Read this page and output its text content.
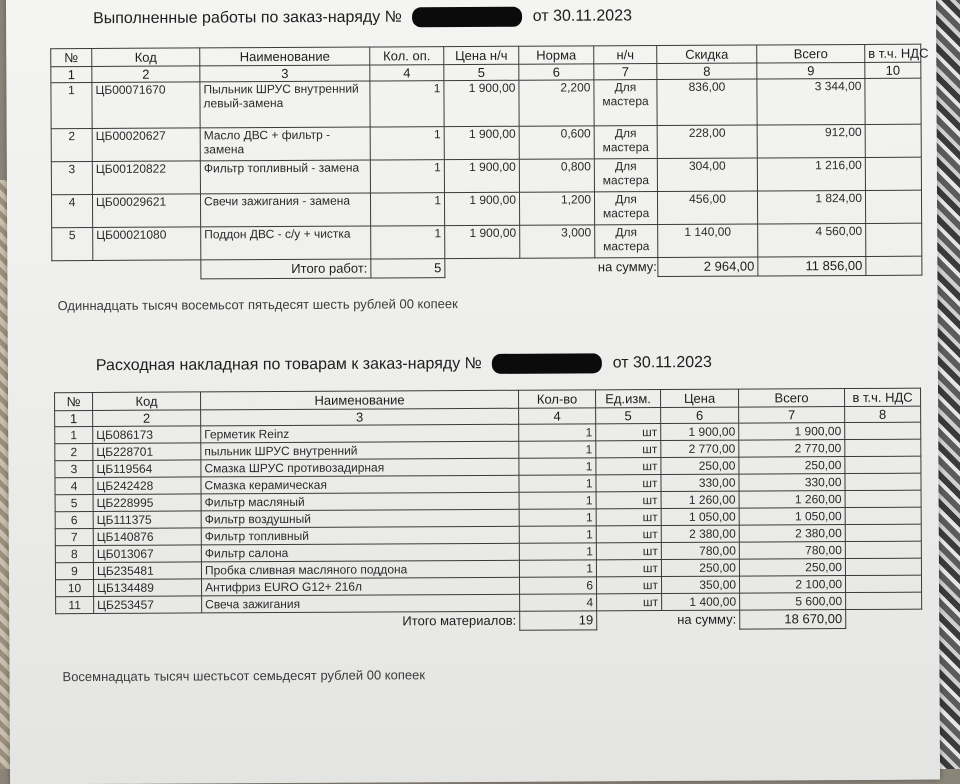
Выполненные работы по заказ-наряду №	от 30.11.2023
№	Код	Наименование	Кол. оп.	Цена н/ч	Норма	н/ч	Скидка	Всего	в т.ч. НДС
1	2	3	4	5	6	7	8	9	10
1	ЦБ00071670	Пыльник ШРУС внутренний левый-замена	1	1 900,00	2,200	Для мастера	836,00	3 344,00	
2	ЦБ00020627	Масло ДВС + фильтр - замена	1	1 900,00	0,600	Для мастера	228,00	912,00	
3	ЦБ00120822	Фильтр топливный - замена	1	1 900,00	0,800	Для мастера	304,00	1 216,00	
4	ЦБ00029621	Свечи зажигания - замена	1	1 900,00	1,200	Для мастера	456,00	1 824,00	
5	ЦБ00021080	Поддон ДВС - с/у + чистка	1	1 900,00	3,000	Для мастера	1 140,00	4 560,00	
		Итого работ:	5			на сумму:	2 964,00	11 856,00	
Одиннадцать тысяч восемьсот пятьдесят шесть рублей 00 копеек
Расходная накладная по товарам к заказ-наряду №	от 30.11.2023
№	Код	Наименование	Кол-во	Ед.изм.	Цена	Всего	в т.ч. НДС
1	2	3	4	5	6	7	8
1	ЦБ086173	Герметик Reinz	1	шт	1 900,00	1 900,00	
2	ЦБ228701	пыльник ШРУС внутренний	1	шт	2 770,00	2 770,00	
3	ЦБ119564	Смазка ШРУС противозадирная	1	шт	250,00	250,00	
4	ЦБ242428	Смазка керамическая	1	шт	330,00	330,00	
5	ЦБ228995	Фильтр масляный	1	шт	1 260,00	1 260,00	
6	ЦБ111375	Фильтр воздушный	1	шт	1 050,00	1 050,00	
7	ЦБ140876	Фильтр топливный	1	шт	2 380,00	2 380,00	
8	ЦБ013067	Фильтр салона	1	шт	780,00	780,00	
9	ЦБ235481	Пробка сливная масляного поддона	1	шт	250,00	250,00	
10	ЦБ134489	Антифриз EURO G12+ 216л	6	шт	350,00	2 100,00	
11	ЦБ253457	Свеча зажигания	4	шт	1 400,00	5 600,00	
		Итого материалов:	19		на сумму:	18 670,00	
Восемнадцать тысяч шестьсот семьдесят рублей 00 копеек
